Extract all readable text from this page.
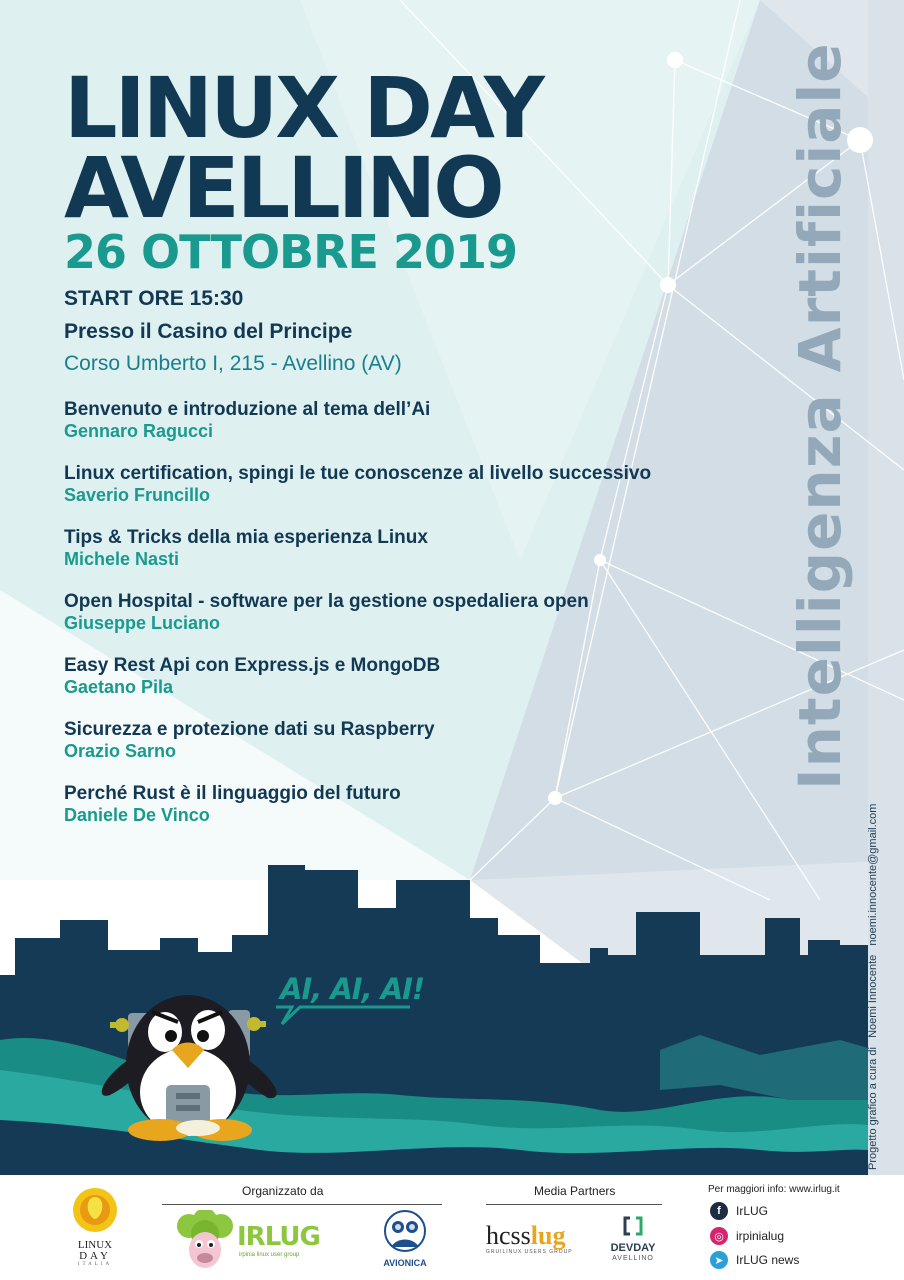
LINUX DAY
AVELLINO
26 OTTOBRE 2019
START ORE 15:30
Presso il Casino del Principe
Corso Umberto I, 215 - Avellino (AV)
Benvenuto e introduzione al tema dell’Ai
Gennaro Ragucci
Linux certification, spingi le tue conoscenze al livello successivo
Saverio Fruncillo
Tips & Tricks della mia esperienza Linux
Michele Nasti
Open Hospital - software per la gestione ospedaliera open
Giuseppe Luciano
Easy Rest Api con Express.js e MongoDB
Gaetano Pila
Sicurezza e protezione dati su Raspberry
Orazio Sarno
Perché Rust è il linguaggio del futuro
Daniele De Vinco
Intelligenza Artificiale
Progetto grafico a cura di   Noemi Innocente   noemi.innocente@gmail.com
AI, AI, AI!
LINUX
DAY
ITALIA
Organizzato da
IRLUG
irpinia linux user group
AVIONICA
Media Partners
hcsslug
GRUILINUX USERS GROUP	DEVDAY
AVELLINO
Per maggiori info: www.irlug.it
f	IrLUG
◎	irpinialug
➤	IrLUG news
